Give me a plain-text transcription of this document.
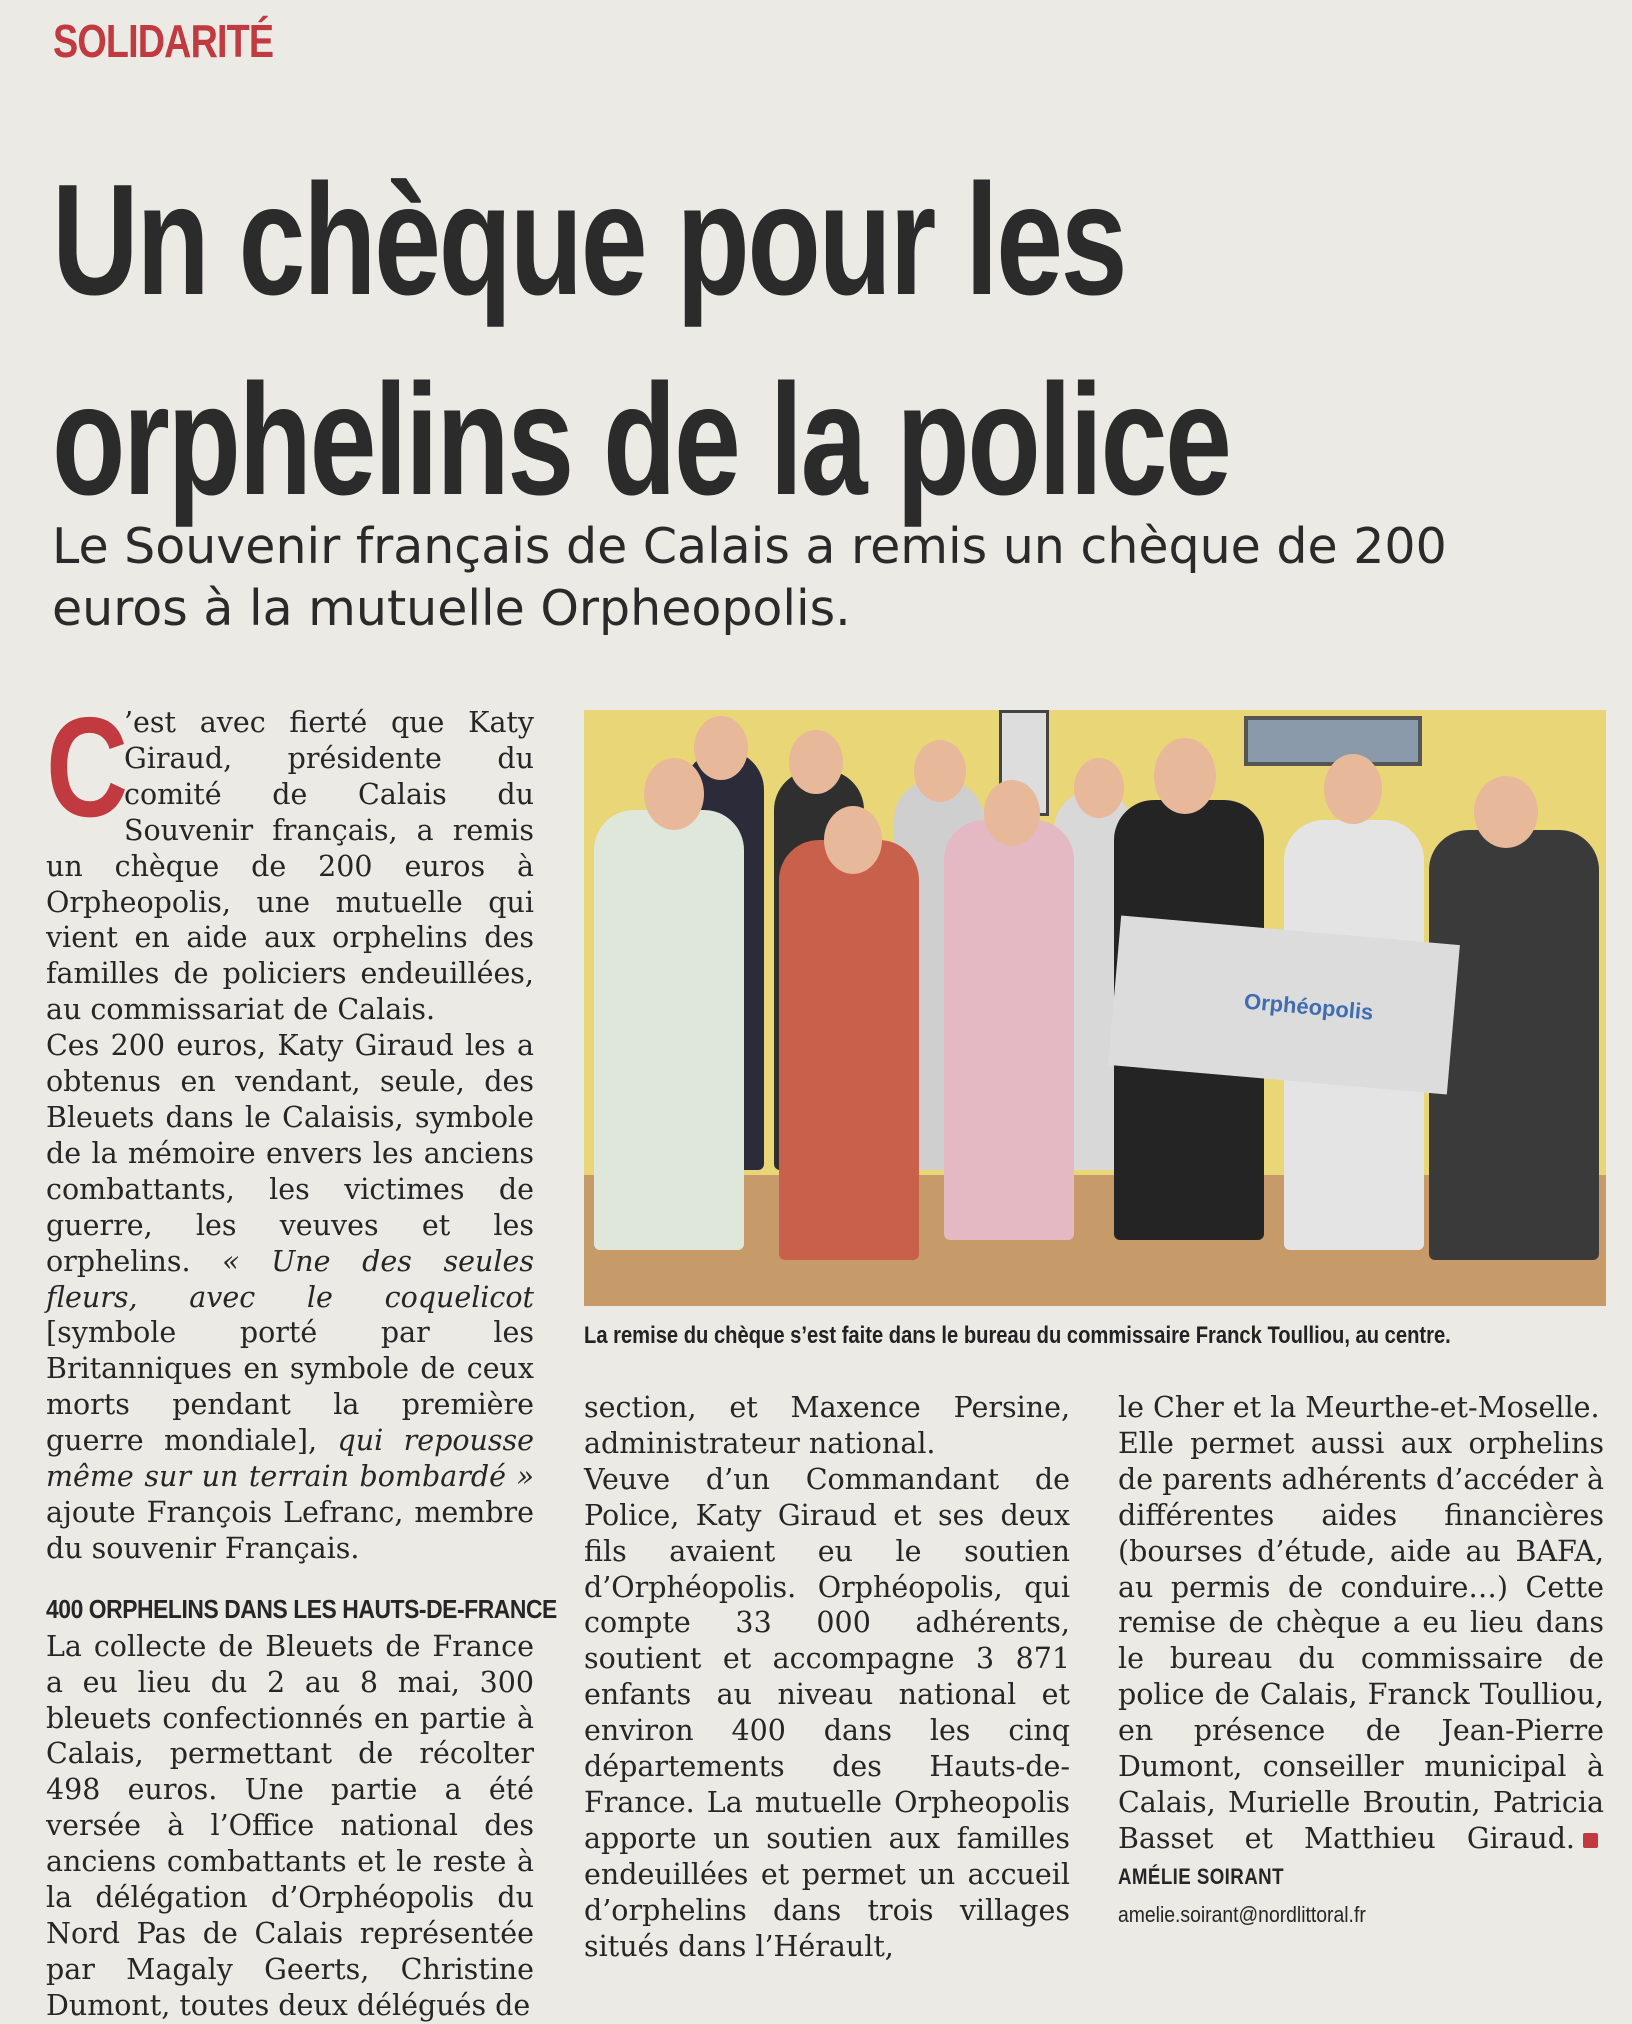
SOLIDARITÉ
Un chèque pour les
orphelins de la police
Le Souvenir français de Calais a remis un chèque de 200 euros à la mutuelle Orpheopolis.
C

’est avec fierté que Katy Giraud, présidente du comité de Calais du Souvenir français, a remis un chèque de 200 euros à Orpheopolis, une mutuelle qui vient en aide aux orphelins des familles de policiers endeuillées, au commissariat de Calais.

Ces 200 euros, Katy Giraud les a obtenus en vendant, seule, des Bleuets dans le Calaisis, symbole de la mémoire envers les anciens combattants, les victimes de guerre, les veuves et les orphelins. « Une des seules fleurs, avec le coquelicot [symbole porté par les Britanniques en symbole de ceux morts pendant la première guerre mondiale], qui repousse même sur un terrain bombardé » ajoute François Lefranc, membre du souvenir Français.

400 ORPHELINS DANS LES HAUTS-DE-FRANCE

La collecte de Bleuets de France a eu lieu du 2 au 8 mai, 300 bleuets confectionnés en partie à Calais, permettant de récolter 498 euros. Une partie a été versée à l’Office national des anciens combattants et le reste à la délégation d’Orphéopolis du Nord Pas de Calais représentée par Magaly Geerts, Christine Dumont, toutes deux délégués de

Orphéopolis
La remise du chèque s’est faite dans le bureau du commissaire Franck Toulliou, au centre.

section, et Maxence Persine, administrateur national.

Veuve d’un Commandant de Police, Katy Giraud et ses deux fils avaient eu le soutien d’Orphéopolis. Orphéopolis, qui compte 33 000 adhérents, soutient et accompagne 3 871 enfants au niveau national et environ 400 dans les cinq départements des Hauts-de-France. La mutuelle Orpheopolis apporte un soutien aux familles endeuillées et permet un accueil d’orphelins dans trois villages situés dans l’Hérault,

le Cher et la Meurthe-et-Moselle.

Elle permet aussi aux orphelins de parents adhérents d’accéder à différentes aides financières (bourses d’étude, aide au BAFA, au permis de conduire…) Cette remise de chèque a eu lieu dans le bureau du commissaire de police de Calais, Franck Toulliou, en présence de Jean-Pierre Dumont, conseiller municipal à Calais, Murielle Broutin, Patricia Basset et Matthieu Giraud.AMÉLIE SOIRANT

amelie.soirant@nordlittoral.fr
